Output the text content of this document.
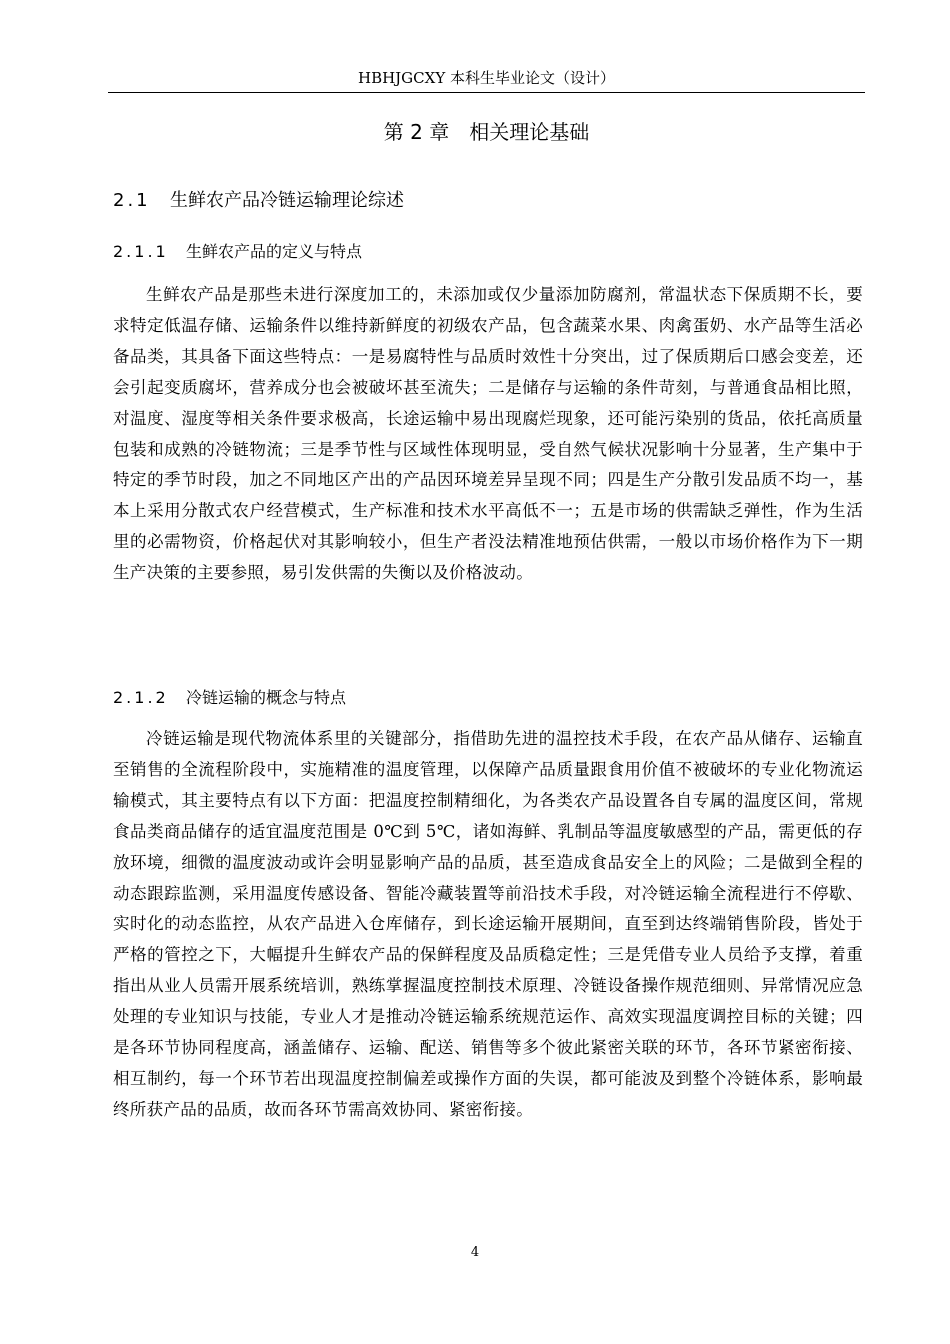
HBHJGCXY 本科生毕业论文（设计）
第 2 章　相关理论基础
2.1 生鲜农产品冷链运输理论综述
2.1.1 生鲜农产品的定义与特点
生鲜农产品是那些未进行深度加工的，未添加或仅少量添加防腐剂，常温状态下保质期不长，要求特定低温存储、运输条件以维持新鲜度的初级农产品，包含蔬菜水果、肉禽蛋奶、水产品等生活必备品类，其具备下面这些特点：一是易腐特性与品质时效性十分突出，过了保质期后口感会变差，还会引起变质腐坏，营养成分也会被破坏甚至流失；二是储存与运输的条件苛刻，与普通食品相比照，对温度、湿度等相关条件要求极高，长途运输中易出现腐烂现象，还可能污染别的货品，依托高质量包装和成熟的冷链物流；三是季节性与区域性体现明显，受自然气候状况影响十分显著，生产集中于特定的季节时段，加之不同地区产出的产品因环境差异呈现不同；四是生产分散引发品质不均一，基本上采用分散式农户经营模式，生产标准和技术水平高低不一；五是市场的供需缺乏弹性，作为生活里的必需物资，价格起伏对其影响较小，但生产者没法精准地预估供需，一般以市场价格作为下一期生产决策的主要参照，易引发供需的失衡以及价格波动。
2.1.2 冷链运输的概念与特点
冷链运输是现代物流体系里的关键部分，指借助先进的温控技术手段，在农产品从储存、运输直至销售的全流程阶段中，实施精准的温度管理，以保障产品质量跟食用价值不被破坏的专业化物流运输模式，其主要特点有以下方面：把温度控制精细化，为各类农产品设置各自专属的温度区间，常规食品类商品储存的适宜温度范围是 0℃到 5℃，诸如海鲜、乳制品等温度敏感型的产品，需更低的存放环境，细微的温度波动或许会明显影响产品的品质，甚至造成食品安全上的风险；二是做到全程的动态跟踪监测，采用温度传感设备、智能冷藏装置等前沿技术手段，对冷链运输全流程进行不停歇、实时化的动态监控，从农产品进入仓库储存，到长途运输开展期间，直至到达终端销售阶段，皆处于严格的管控之下，大幅提升生鲜农产品的保鲜程度及品质稳定性；三是凭借专业人员给予支撑，着重指出从业人员需开展系统培训，熟练掌握温度控制技术原理、冷链设备操作规范细则、异常情况应急处理的专业知识与技能，专业人才是推动冷链运输系统规范运作、高效实现温度调控目标的关键；四是各环节协同程度高，涵盖储存、运输、配送、销售等多个彼此紧密关联的环节，各环节紧密衔接、相互制约，每一个环节若出现温度控制偏差或操作方面的失误，都可能波及到整个冷链体系，影响最终所获产品的品质，故而各环节需高效协同、紧密衔接。
4
